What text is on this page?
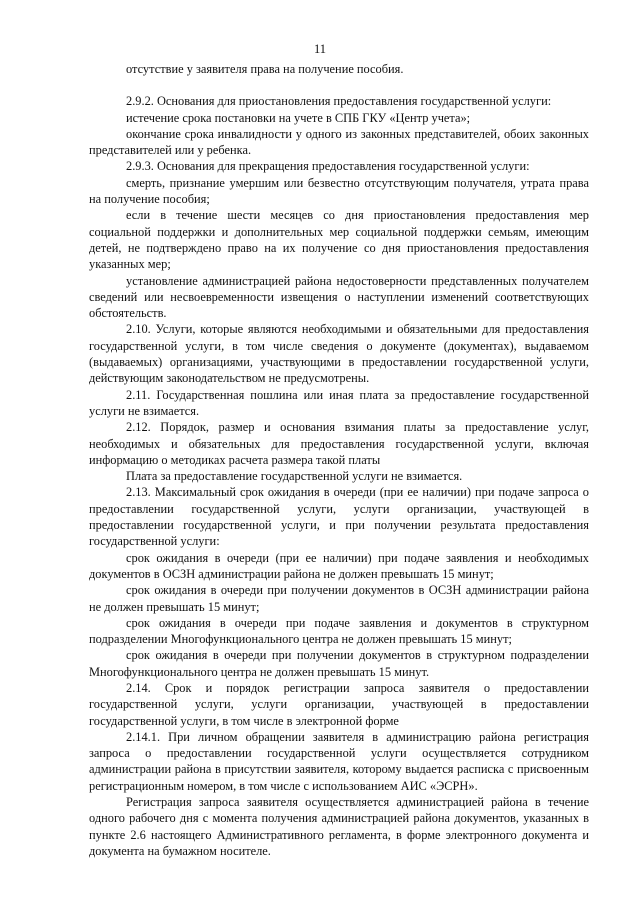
11

отсутствие у заявителя права на получение пособия.

2.9.2. Основания для приостановления предоставления государственной услуги:

истечение срока постановки на учете в СПБ ГКУ «Центр учета»;

окончание срока инвалидности у одного из законных представителей, обоих законных представителей или у ребенка.

2.9.3. Основания для прекращения предоставления государственной услуги:

смерть, признание умершим или безвестно отсутствующим получателя, утрата права на получение пособия;

если в течение шести месяцев со дня приостановления предоставления мер социальной поддержки и дополнительных мер социальной поддержки семьям, имеющим детей, не подтверждено право на их получение со дня приостановления предоставления указанных мер;

установление администрацией района недостоверности представленных получателем сведений или несвоевременности извещения о наступлении изменений соответствующих обстоятельств.

2.10. Услуги, которые являются необходимыми и обязательными для предоставления государственной услуги, в том числе сведения о документе (документах), выдаваемом (выдаваемых) организациями, участвующими в предоставлении государственной услуги, действующим законодательством не предусмотрены.

2.11. Государственная пошлина или иная плата за предоставление государственной услуги не взимается.

2.12. Порядок, размер и основания взимания платы за предоставление услуг, необходимых и обязательных для предоставления государственной услуги, включая информацию о методиках расчета размера такой платы

Плата за предоставление государственной услуги не взимается.

2.13. Максимальный срок ожидания в очереди (при ее наличии) при подаче запроса о предоставлении государственной услуги, услуги организации, участвующей в предоставлении государственной услуги, и при получении результата предоставления государственной услуги:

срок ожидания в очереди (при ее наличии) при подаче заявления и необходимых документов в ОСЗН администрации района не должен превышать 15 минут;

срок ожидания в очереди при получении документов в ОСЗН администрации района не должен превышать 15 минут;

срок ожидания в очереди при подаче заявления и документов в структурном подразделении Многофункционального центра не должен превышать 15 минут;

срок ожидания в очереди при получении документов в структурном подразделении Многофункционального центра не должен превышать 15 минут.

2.14. Срок и порядок регистрации запроса заявителя о предоставлении государственной услуги, услуги организации, участвующей в предоставлении государственной услуги, в том числе в электронной форме

2.14.1. При личном обращении заявителя в администрацию района регистрация запроса о предоставлении государственной услуги осуществляется сотрудником администрации района в присутствии заявителя, которому выдается расписка с присвоенным регистрационным номером, в том числе с использованием АИС «ЭСРН».

Регистрация запроса заявителя осуществляется администрацией района в течение одного рабочего дня с момента получения администрацией района документов, указанных в пункте 2.6 настоящего Административного регламента, в форме электронного документа и документа на бумажном носителе.
